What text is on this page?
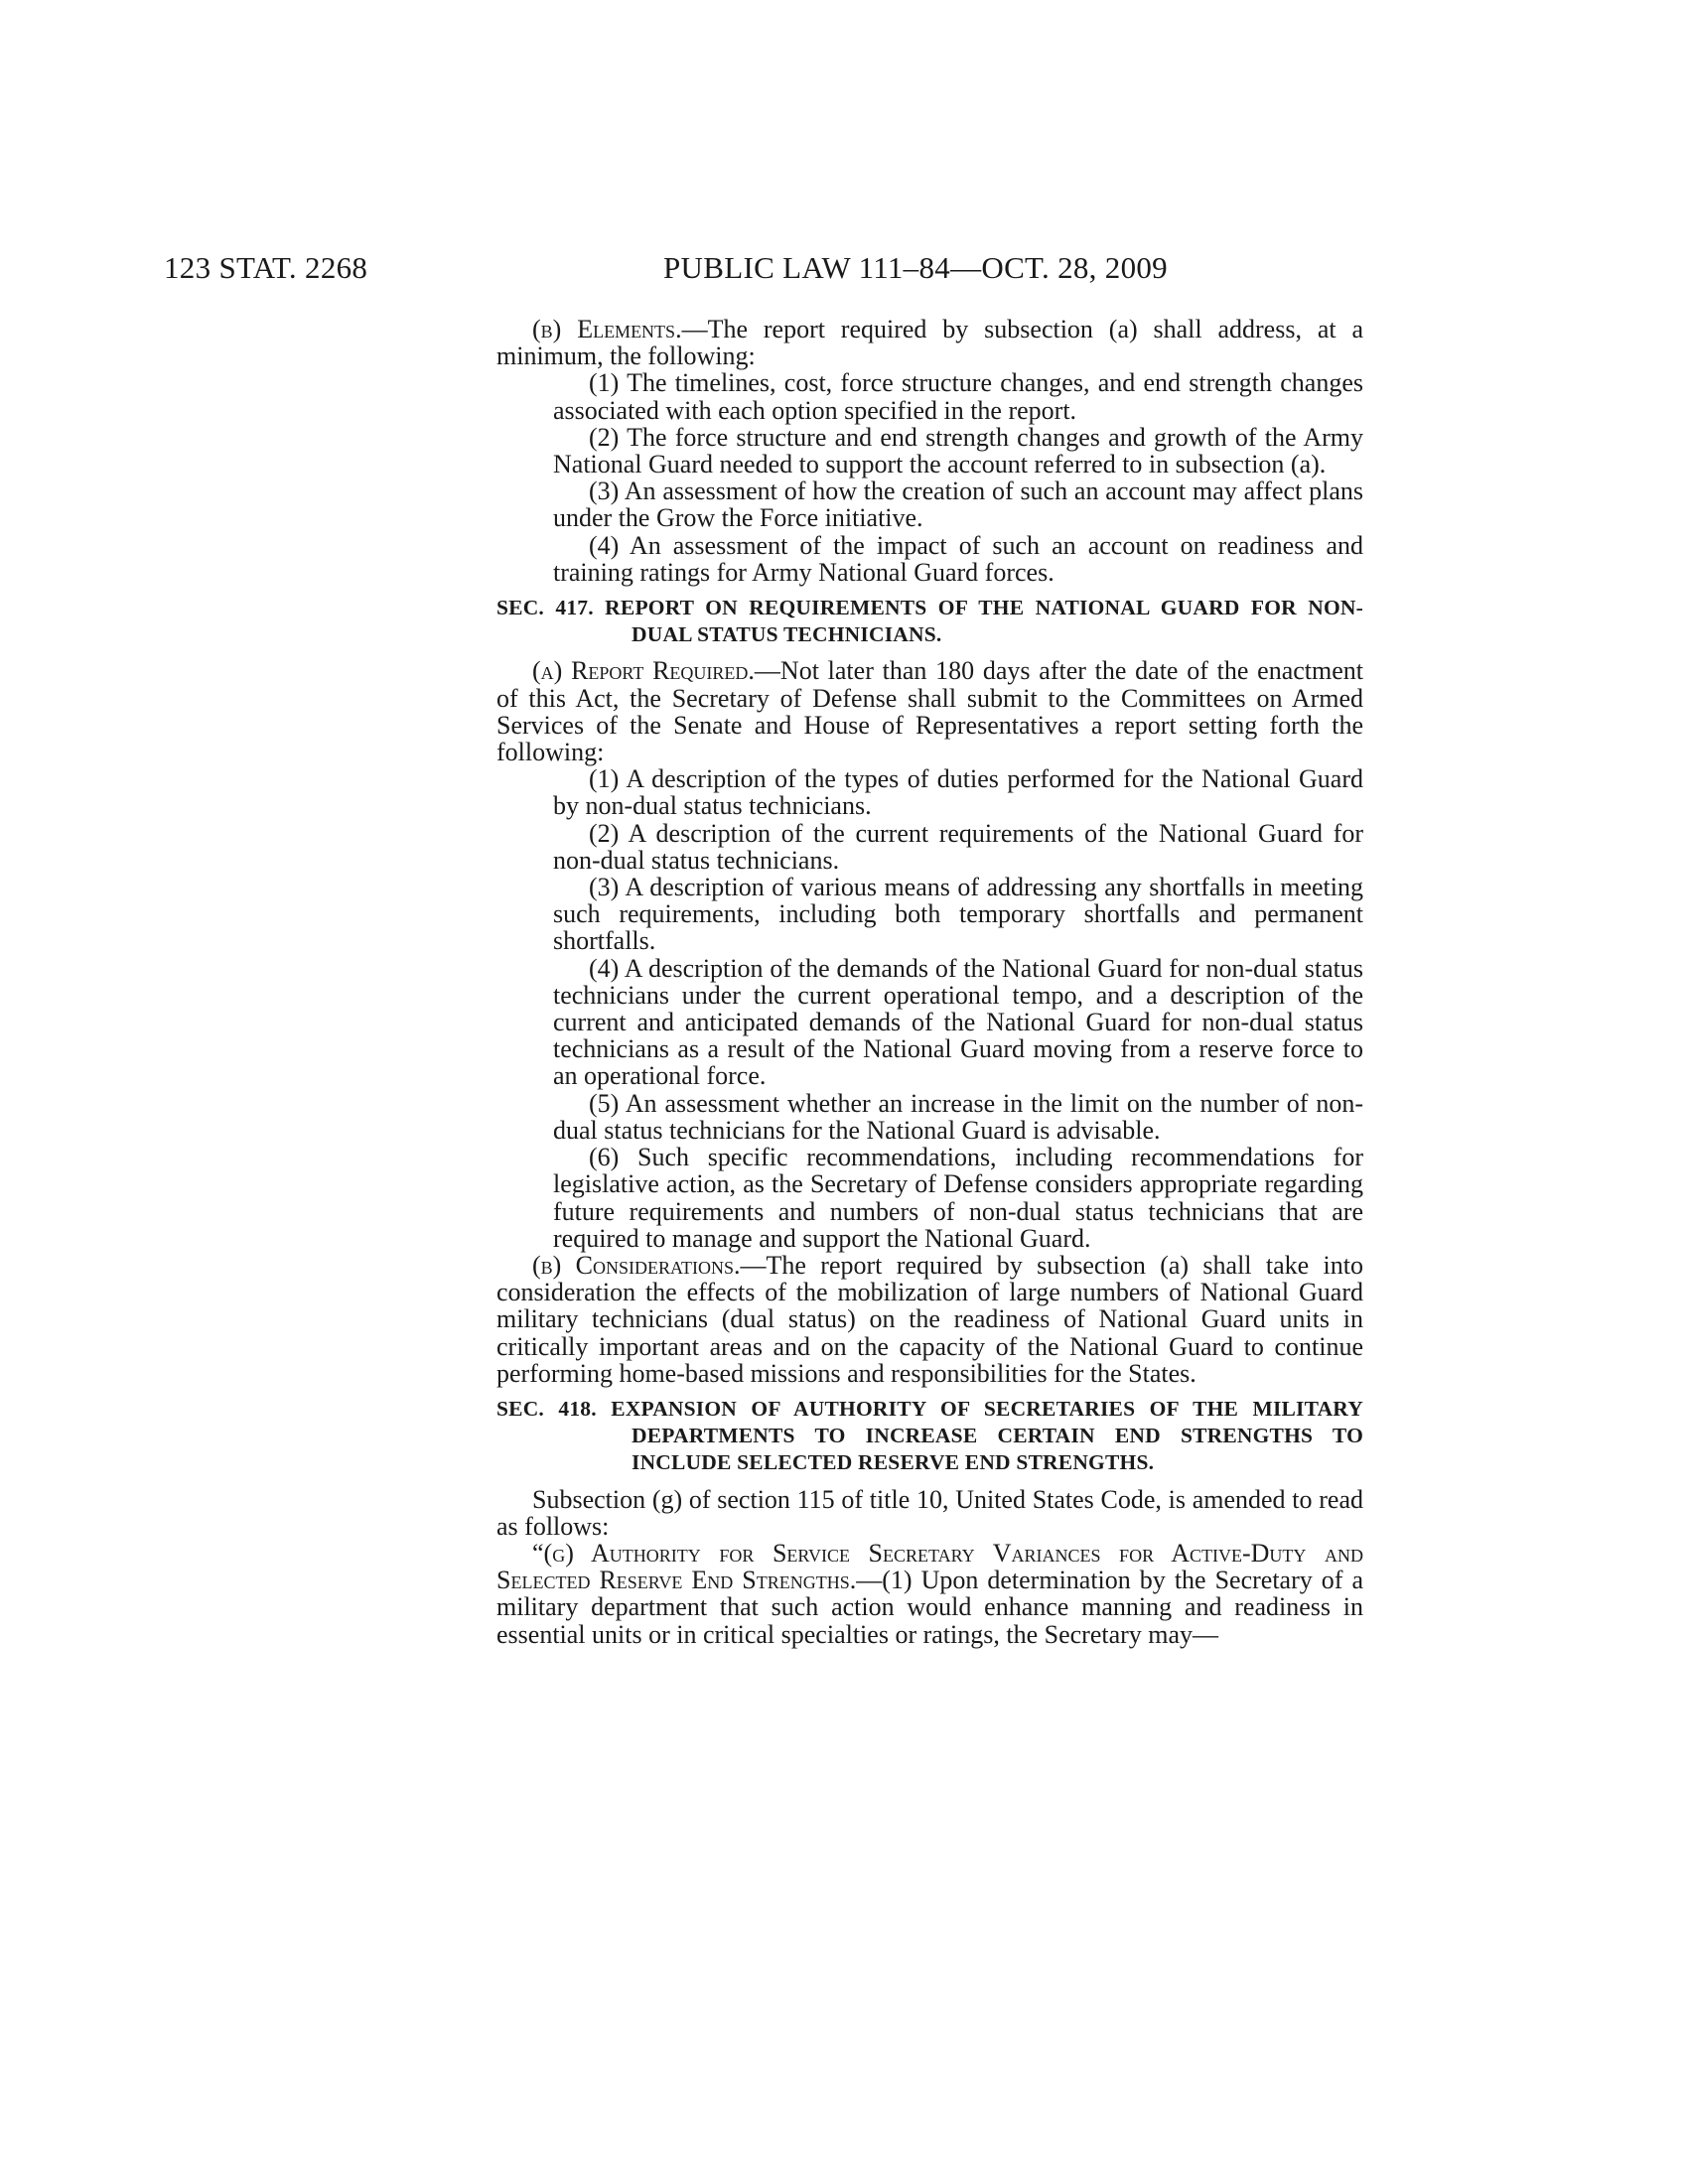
123 STAT. 2268	PUBLIC LAW 111–84—OCT. 28, 2009

(b) Elements.—The report required by subsection (a) shall address, at a minimum, the following:

(1) The timelines, cost, force structure changes, and end strength changes associated with each option specified in the report.

(2) The force structure and end strength changes and growth of the Army National Guard needed to support the account referred to in subsection (a).

(3) An assessment of how the creation of such an account may affect plans under the Grow the Force initiative.

(4) An assessment of the impact of such an account on readiness and training ratings for Army National Guard forces.

SEC. 417. REPORT ON REQUIREMENTS OF THE NATIONAL GUARD FOR NON-DUAL STATUS TECHNICIANS.

(a) Report Required.—Not later than 180 days after the date of the enactment of this Act, the Secretary of Defense shall submit to the Committees on Armed Services of the Senate and House of Representatives a report setting forth the following:

(1) A description of the types of duties performed for the National Guard by non-dual status technicians.

(2) A description of the current requirements of the National Guard for non-dual status technicians.

(3) A description of various means of addressing any shortfalls in meeting such requirements, including both temporary shortfalls and permanent shortfalls.

(4) A description of the demands of the National Guard for non-dual status technicians under the current operational tempo, and a description of the current and anticipated demands of the National Guard for non-dual status technicians as a result of the National Guard moving from a reserve force to an operational force.

(5) An assessment whether an increase in the limit on the number of non-dual status technicians for the National Guard is advisable.

(6) Such specific recommendations, including recommendations for legislative action, as the Secretary of Defense considers appropriate regarding future requirements and numbers of non-dual status technicians that are required to manage and support the National Guard.

(b) Considerations.—The report required by subsection (a) shall take into consideration the effects of the mobilization of large numbers of National Guard military technicians (dual status) on the readiness of National Guard units in critically important areas and on the capacity of the National Guard to continue performing home-based missions and responsibilities for the States.

SEC. 418. EXPANSION OF AUTHORITY OF SECRETARIES OF THE MILITARY DEPARTMENTS TO INCREASE CERTAIN END STRENGTHS TO INCLUDE SELECTED RESERVE END STRENGTHS.

Subsection (g) of section 115 of title 10, United States Code, is amended to read as follows:

“(g) Authority for Service Secretary Variances for Active-Duty and Selected Reserve End Strengths.—(1) Upon determination by the Secretary of a military department that such action would enhance manning and readiness in essential units or in critical specialties or ratings, the Secretary may—
